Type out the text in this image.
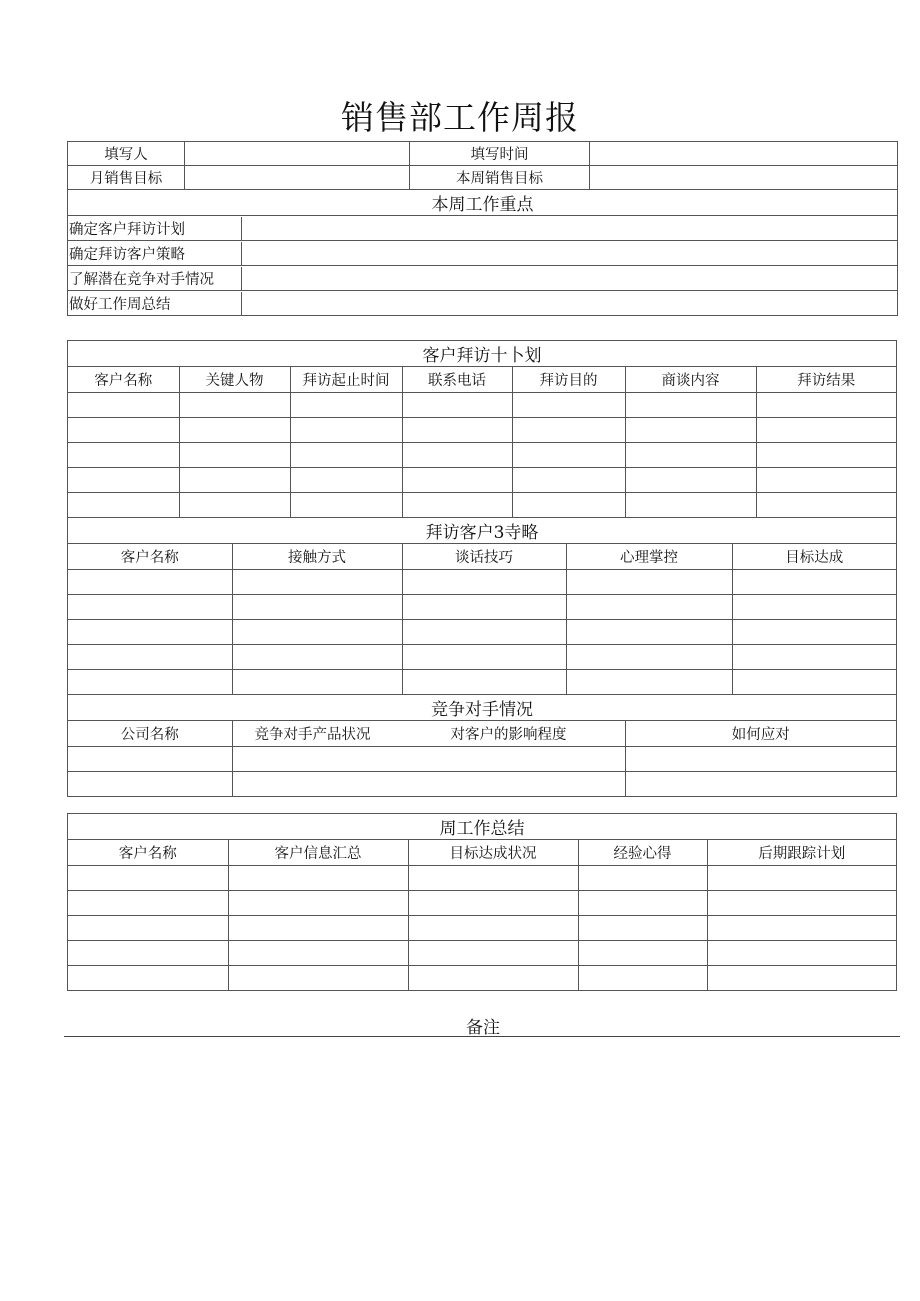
销售部工作周报
填写人		填写时间	
月销售目标		本周销售目标	
本周工作重点

确定客户拜访计划	

确定拜访客户策略	

了解潜在竞争对手情况	

做好工作周总结	
客户拜访十卜划

客户名称	关键人物	拜访起止时间	联系电话	拜访目的	商谈内容	拜访结果

拜访客户3寺略

客户名称	接触方式	谈话技巧	心理掌控	目标达成

竞争对手情况

公司名称	竞争对手产品状况	对客户的影响程度	如何应对

周工作总结

客户名称	客户信息汇总	目标达成状况	经验心得	后期跟踪计划

备注
